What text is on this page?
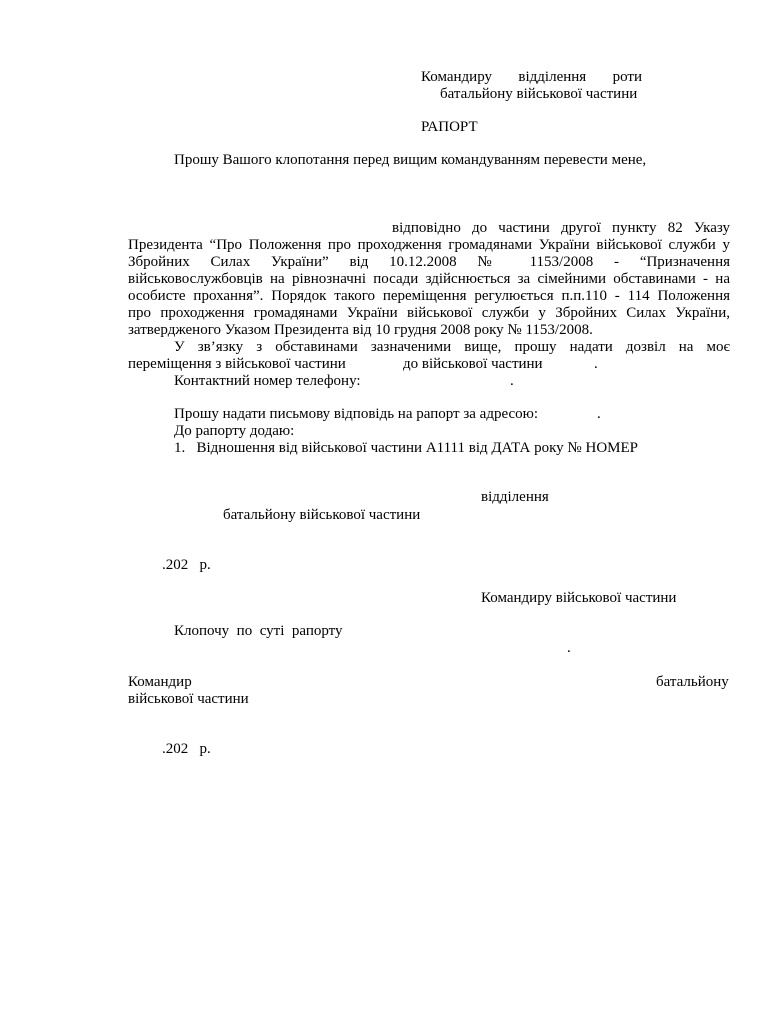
Командиру відділення роти
батальйону військової частини
РАПОРТ
Прошу Вашого клопотання перед вищим командуванням перевести мене,
відповідно до частини другої пункту 82 Указу
Президента “Про Положення про проходження громадянами України військової служби у
Збройних Силах України” від 10.12.2008 № 1153/2008 - “Призначення
військовослужбовців на рівнозначні посади здійснюється за сімейними обставинами - на
особисте прохання”. Порядок такого переміщення регулюється п.п.110 - 114 Положення
про проходження громадянами України військової служби у Збройних Силах України,
затвердженого Указом Президента від 10 грудня 2008 року № 1153/2008.
У зв’язку з обставинами зазначеними вище, прошу надати дозвіл на моє
переміщення з військової частини	до військової частини	.
Контактний номер телефону:	.
Прошу надати письмову відповідь на рапорт за адресою:	.
До рапорту додаю:
1.   Відношення від військової частини А1111 від ДАТА року № НОМЕР
відділення
батальйону військової частини
.202   р.
Командиру військової частини
Клопочу  по  суті  рапорту
.
Командир	батальйону
військової частини
.202   р.
